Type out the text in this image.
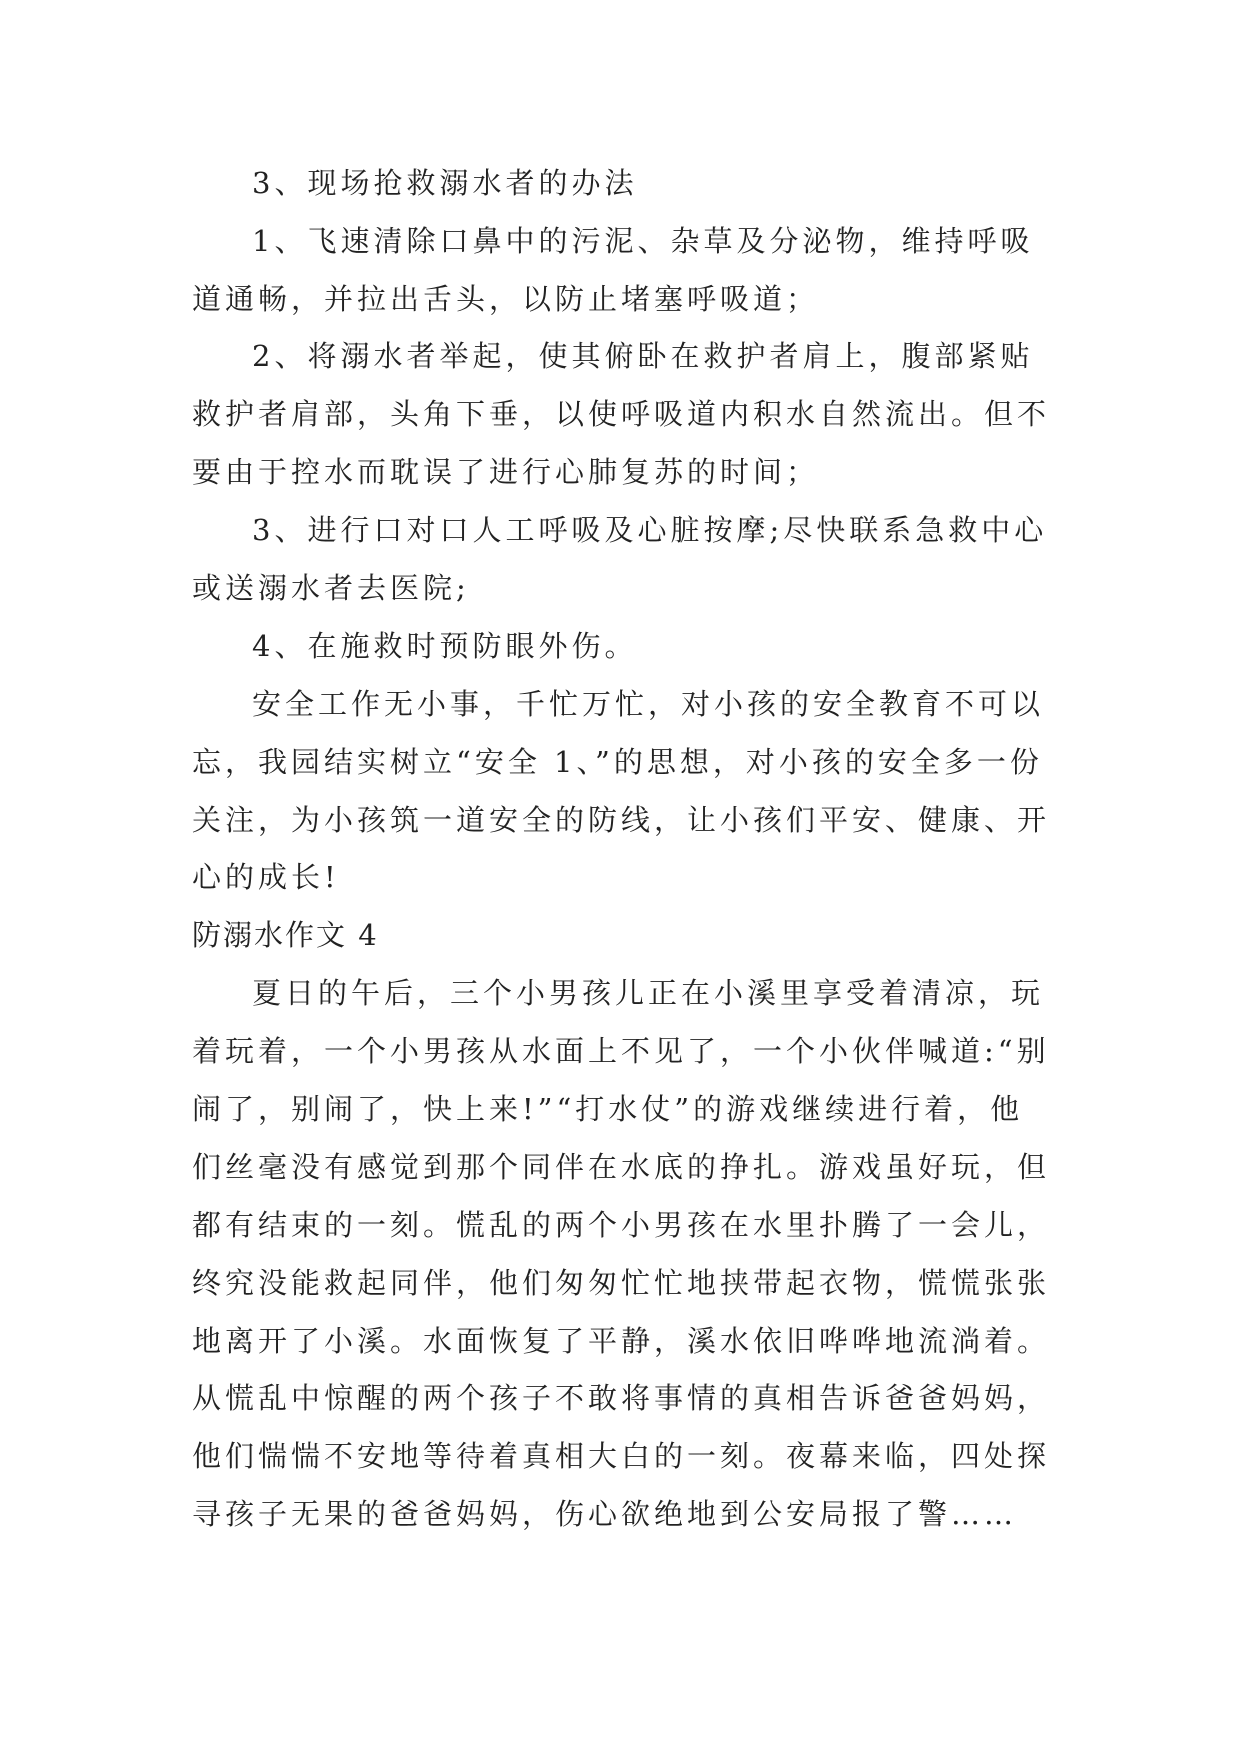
3、现场抢救溺水者的办法

1、飞速清除口鼻中的污泥、杂草及分泌物，维持呼吸

道通畅，并拉出舌头，以防止堵塞呼吸道；

2、将溺水者举起，使其俯卧在救护者肩上，腹部紧贴

救护者肩部，头角下垂，以使呼吸道内积水自然流出。但不

要由于控水而耽误了进行心肺复苏的时间；

3、进行口对口人工呼吸及心脏按摩;尽快联系急救中心

或送溺水者去医院;

4、在施救时预防眼外伤。

安全工作无小事，千忙万忙，对小孩的安全教育不可以

忘，我园结实树立“安全 1、”的思想，对小孩的安全多一份

关注，为小孩筑一道安全的防线，让小孩们平安、健康、开

心的成长!

防溺水作文 4

夏日的午后，三个小男孩儿正在小溪里享受着清凉，玩

着玩着，一个小男孩从水面上不见了，一个小伙伴喊道:“别

闹了，别闹了，快上来!”“打水仗”的游戏继续进行着，他

们丝毫没有感觉到那个同伴在水底的挣扎。游戏虽好玩，但

都有结束的一刻。慌乱的两个小男孩在水里扑腾了一会儿，

终究没能救起同伴，他们匆匆忙忙地挟带起衣物，慌慌张张

地离开了小溪。水面恢复了平静，溪水依旧哗哗地流淌着。

从慌乱中惊醒的两个孩子不敢将事情的真相告诉爸爸妈妈，

他们惴惴不安地等待着真相大白的一刻。夜幕来临，四处探

寻孩子无果的爸爸妈妈，伤心欲绝地到公安局报了警……
